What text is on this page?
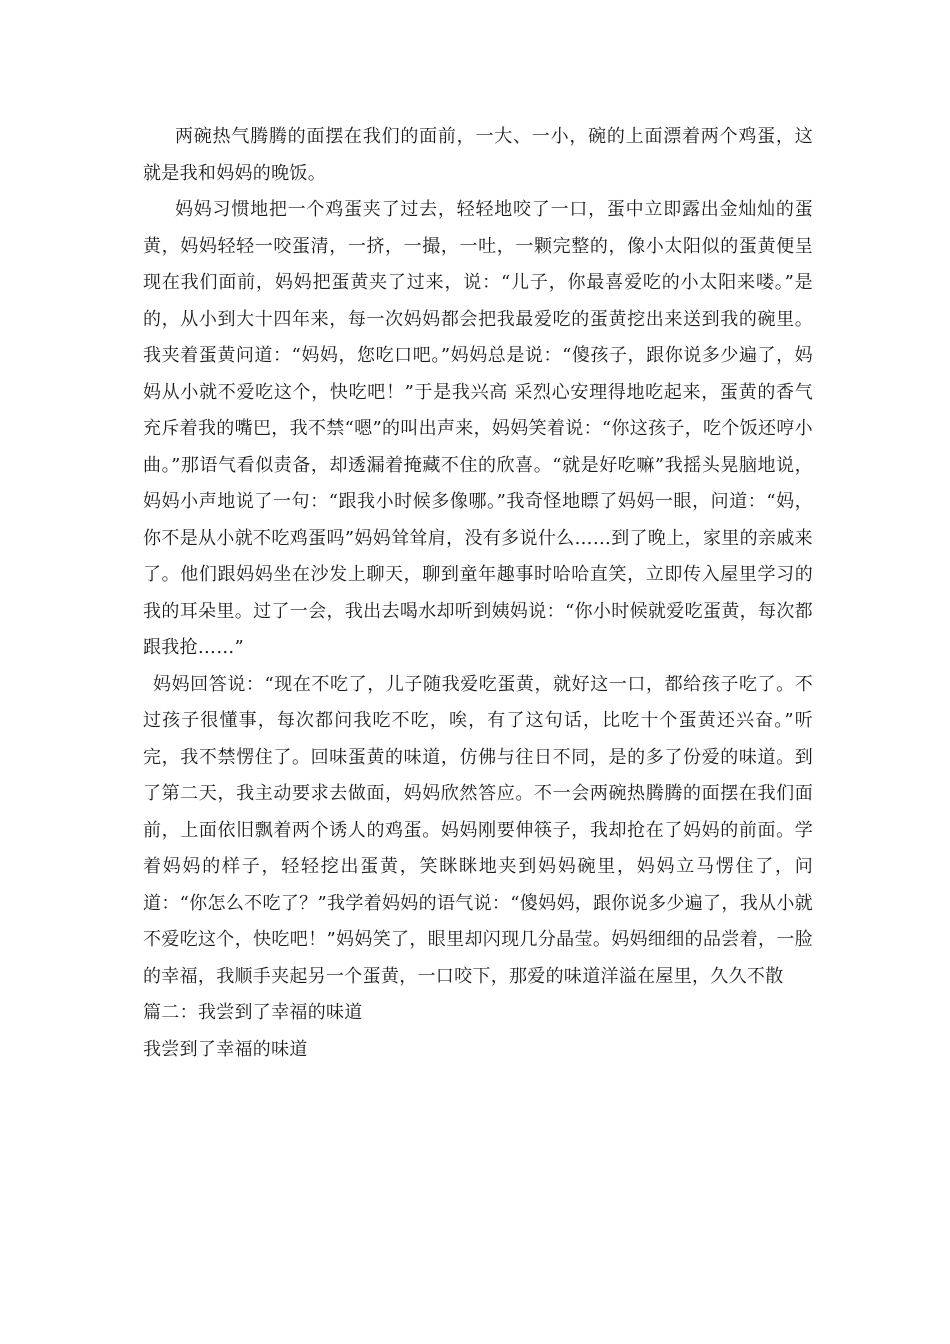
两碗热气腾腾的面摆在我们的面前，一大、一小，碗的上面漂着两个鸡蛋，这就是我和妈妈的晚饭。

妈妈习惯地把一个鸡蛋夹了过去，轻轻地咬了一口，蛋中立即露出金灿灿的蛋黄，妈妈轻轻一咬蛋清，一挤，一撮，一吐，一颗完整的，像小太阳似的蛋黄便呈现在我们面前，妈妈把蛋黄夹了过来，说：“儿子，你最喜爱吃的小太阳来喽。”是的，从小到大十四年来，每一次妈妈都会把我最爱吃的蛋黄挖出来送到我的碗里。我夹着蛋黄问道：“妈妈，您吃口吧。”妈妈总是说：“傻孩子，跟你说多少遍了，妈妈从小就不爱吃这个，快吃吧！”于是我兴高 采烈心安理得地吃起来，蛋黄的香气充斥着我的嘴巴，我不禁“嗯”的叫出声来，妈妈笑着说：“你这孩子，吃个饭还哼小曲。”那语气看似责备，却透漏着掩藏不住的欣喜。“就是好吃嘛”我摇头晃脑地说，妈妈小声地说了一句：“跟我小时候多像哪。”我奇怪地瞟了妈妈一眼，问道：“妈，你不是从小就不吃鸡蛋吗”妈妈耸耸肩，没有多说什么……到了晚上，家里的亲戚来了。他们跟妈妈坐在沙发上聊天，聊到童年趣事时哈哈直笑，立即传入屋里学习的我的耳朵里。过了一会，我出去喝水却听到姨妈说：“你小时候就爱吃蛋黄，每次都跟我抢……”

妈妈回答说：“现在不吃了，儿子随我爱吃蛋黄，就好这一口，都给孩子吃了。不过孩子很懂事，每次都问我吃不吃，唉，有了这句话，比吃十个蛋黄还兴奋。”听完，我不禁愣住了。回味蛋黄的味道，仿佛与往日不同，是的多了份爱的味道。到了第二天，我主动要求去做面，妈妈欣然答应。不一会两碗热腾腾的面摆在我们面前，上面依旧飘着两个诱人的鸡蛋。妈妈刚要伸筷子，我却抢在了妈妈的前面。学着妈妈的样子，轻轻挖出蛋黄，笑眯眯地夹到妈妈碗里，妈妈立马愣住了，问道：“你怎么不吃了？”我学着妈妈的语气说：“傻妈妈，跟你说多少遍了，我从小就不爱吃这个，快吃吧！”妈妈笑了，眼里却闪现几分晶莹。妈妈细细的品尝着，一脸的幸福，我顺手夹起另一个蛋黄，一口咬下，那爱的味道洋溢在屋里，久久不散

篇二：我尝到了幸福的味道

我尝到了幸福的味道
